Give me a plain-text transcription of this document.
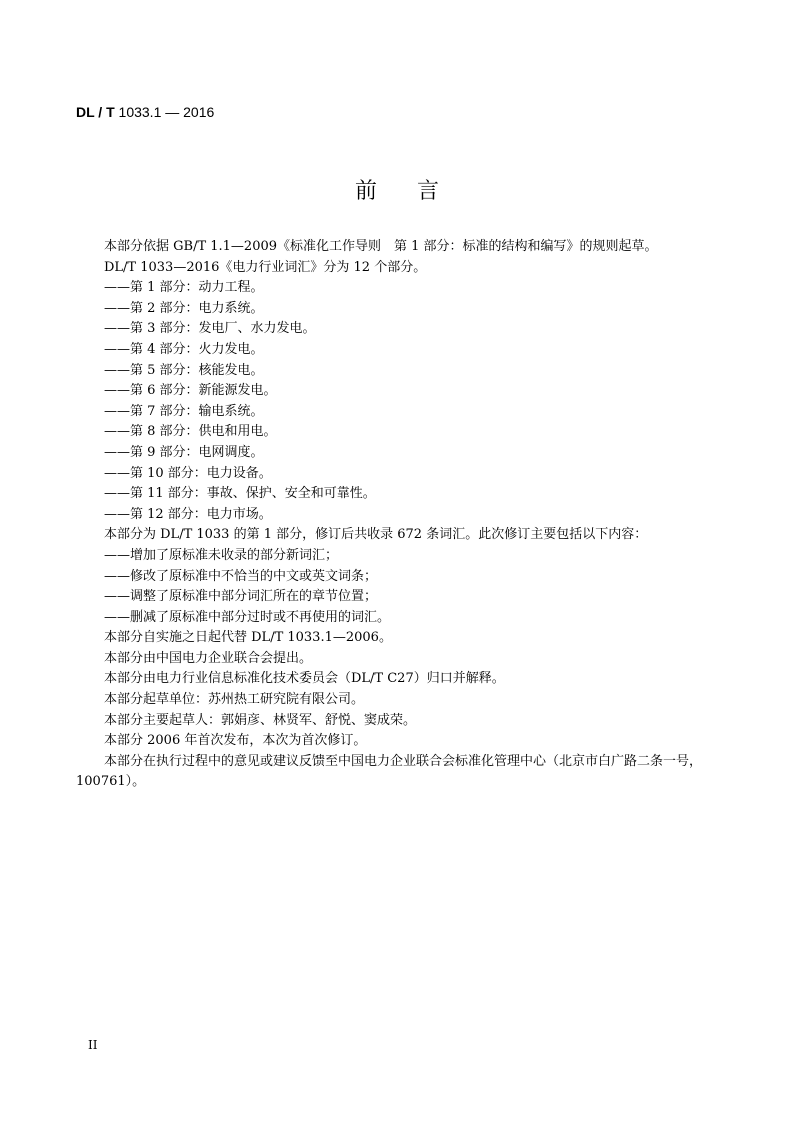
DL / T 1033.1 — 2016
前言

本部分依据 GB/T 1.1—2009《标准化工作导则　第 1 部分：标准的结构和编写》的规则起草。

DL/T 1033—2016《电力行业词汇》分为 12 个部分。

——第 1 部分：动力工程。

——第 2 部分：电力系统。

——第 3 部分：发电厂、水力发电。

——第 4 部分：火力发电。

——第 5 部分：核能发电。

——第 6 部分：新能源发电。

——第 7 部分：输电系统。

——第 8 部分：供电和用电。

——第 9 部分：电网调度。

——第 10 部分：电力设备。

——第 11 部分：事故、保护、安全和可靠性。

——第 12 部分：电力市场。

本部分为 DL/T 1033 的第 1 部分，修订后共收录 672 条词汇。此次修订主要包括以下内容：

——增加了原标准未收录的部分新词汇；

——修改了原标准中不恰当的中文或英文词条；

——调整了原标准中部分词汇所在的章节位置；

——删减了原标准中部分过时或不再使用的词汇。

本部分自实施之日起代替 DL/T 1033.1—2006。

本部分由中国电力企业联合会提出。

本部分由电力行业信息标准化技术委员会（DL/T C27）归口并解释。

本部分起草单位：苏州热工研究院有限公司。

本部分主要起草人：郭娟彦、林贤军、舒悦、窦成荣。

本部分 2006 年首次发布，本次为首次修订。

本部分在执行过程中的意见或建议反馈至中国电力企业联合会标准化管理中心（北京市白广路二条一号，100761）。

II
